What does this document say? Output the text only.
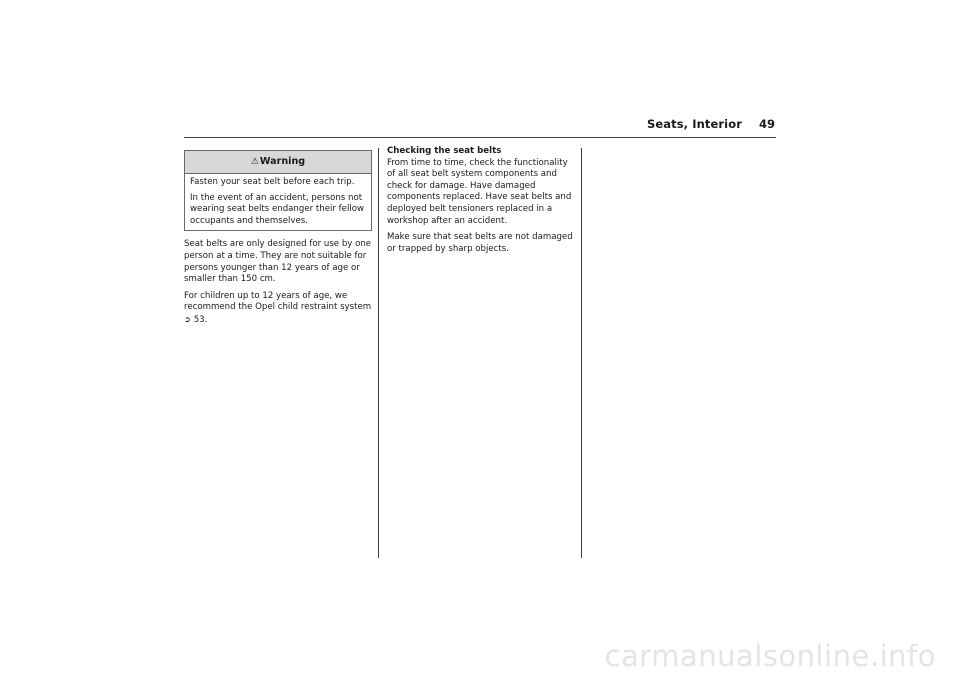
Seats, Interior 49
⚠Warning

Fasten your seat belt before each trip.

In the event of an accident, persons not wearing seat belts endanger their fellow occupants and themselves.

Seat belts are only designed for use by one person at a time. They are not suitable for persons younger than 12 years of age or smaller than 150 cm.

For children up to 12 years of age, we recommend the Opel child restraint system
➲ 53.

Checking the seat belts
From time to time, check the functionality of all seat belt system components and check for damage. Have damaged components replaced. Have seat belts and deployed belt tensioners replaced in a workshop after an accident.

Make sure that seat belts are not damaged or trapped by sharp objects.

carmanualsonline.info
